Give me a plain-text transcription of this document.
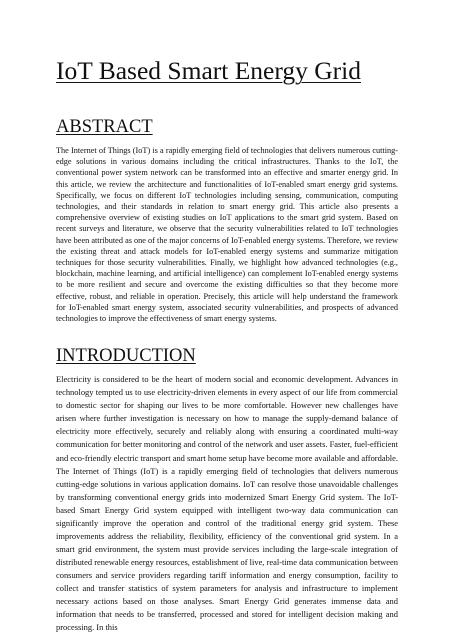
IoT Based Smart Energy Grid
ABSTRACT

The Internet of Things (IoT) is a rapidly emerging field of technologies that delivers numerous cutting-edge solutions in various domains including the critical infrastructures. Thanks to the IoT, the conventional power system network can be transformed into an effective and smarter energy grid. In this article, we review the architecture and functionalities of IoT-enabled smart energy grid systems. Specifically, we focus on different IoT technologies including sensing, communication, computing technologies, and their standards in relation to smart energy grid. This article also presents a comprehensive overview of existing studies on IoT applications to the smart grid system. Based on recent surveys and literature, we observe that the security vulnerabilities related to IoT technologies have been attributed as one of the major concerns of IoT-enabled energy systems. Therefore, we review the existing threat and attack models for IoT-enabled energy systems and summarize mitigation techniques for those security vulnerabilities. Finally, we highlight how advanced technologies (e.g., blockchain, machine learning, and artificial intelligence) can complement IoT-enabled energy systems to be more resilient and secure and overcome the existing difficulties so that they become more effective, robust, and reliable in operation. Precisely, this article will help understand the framework for IoT-enabled smart energy system, associated security vulnerabilities, and prospects of advanced technologies to improve the effectiveness of smart energy systems.

INTRODUCTION

Electricity is considered to be the heart of modern social and economic development. Advances in technology tempted us to use electricity-driven elements in every aspect of our life from commercial to domestic sector for shaping our lives to be more comfortable. However new challenges have arisen where further investigation is necessary on how to manage the supply-demand balance of electricity more effectively, securely and reliably along with ensuring a coordinated multi-way communication for better monitoring and control of the network and user assets. Faster, fuel-efficient and eco-friendly electric transport and smart home setup have become more available and affordable. The Internet of Things (IoT) is a rapidly emerging field of technologies that delivers numerous cutting-edge solutions in various application domains. IoT can resolve those unavoidable challenges by transforming conventional energy grids into modernized Smart Energy Grid system. The IoT-based Smart Energy Grid system equipped with intelligent two-way data communication can significantly improve the operation and control of the traditional energy grid system. These improvements address the reliability, flexibility, efficiency of the conventional grid system. In a smart grid environment, the system must provide services including the large-scale integration of distributed renewable energy resources, establishment of live, real-time data communication between consumers and service providers regarding tariff information and energy consumption, facility to collect and transfer statistics of system parameters for analysis and infrastructure to implement necessary actions based on those analyses. Smart Energy Grid generates immense data and information that needs to be transferred, processed and stored for intelligent decision making and processing. In this
